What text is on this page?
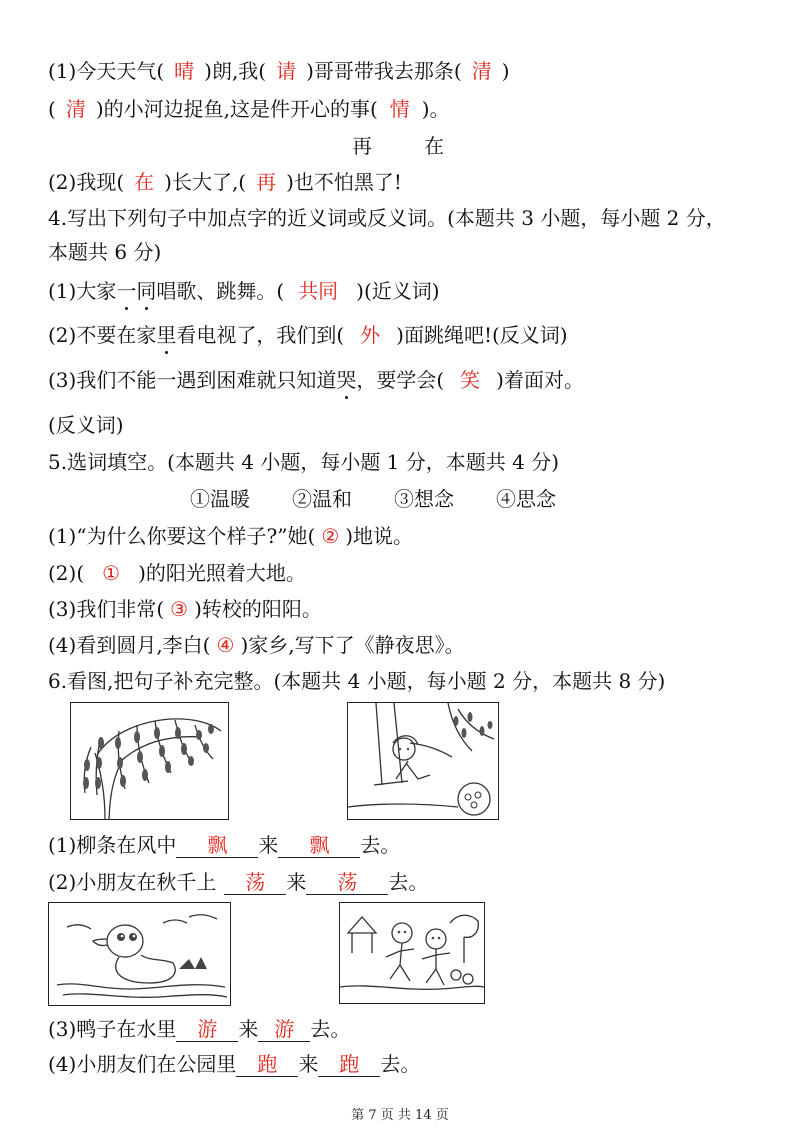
(1)今天天气( 晴 )朗,我( 请 )哥哥带我去那条( 清 )
( 清 )的小河边捉鱼,这是件开心的事( 情 )。
再	在
(2)我现( 在 )长大了,( 再 )也不怕黑了!
4.写出下列句子中加点字的近义词或反义词。(本题共 3 小题，每小题 2 分，
本题共 6 分)
(1)大家一同唱歌、跳舞。( 共同 )(近义词)
(2)不要在家里看电视了，我们到( 外 )面跳绳吧!(反义词)
(3)我们不能一遇到困难就只知道哭，要学会( 笑 )着面对。
(反义词)
5.选词填空。(本题共 4 小题，每小题 1 分，本题共 4 分)
①温暖 ②温和 ③想念 ④思念
(1)“为什么你要这个样子?”她( ② )地说。
(2)( ① )的阳光照着大地。
(3)我们非常( ③ )转校的阳阳。
(4)看到圆月,李白( ④ )家乡,写下了《静夜思》。
6.看图,把句子补充完整。(本题共 4 小题，每小题 2 分，本题共 8 分)
(1)柳条在风中 飘 来 飘 去。
(2)小朋友在秋千上 荡 来 荡 去。
(3)鸭子在水里 游 来 游 去。
(4)小朋友们在公园里 跑 来 跑 去。
第 7 页 共 14 页
